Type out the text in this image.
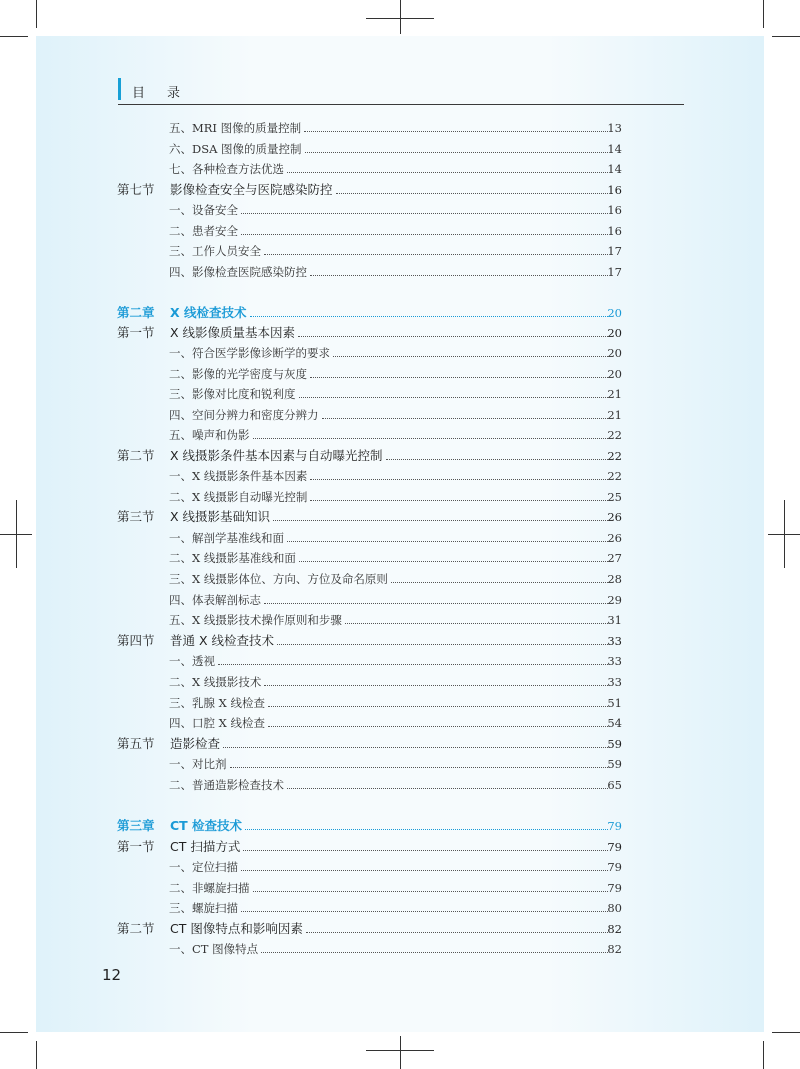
目录
五、MRI 图像的质量控制	13
六、DSA 图像的质量控制	14
七、各种检查方法优选	14
第七节 影像检查安全与医院感染防控	16
一、设备安全	16
二、患者安全	16
三、工作人员安全	17
四、影像检查医院感染防控	17
第二章 X 线检查技术	20
第一节 X 线影像质量基本因素	20
一、符合医学影像诊断学的要求	20
二、影像的光学密度与灰度	20
三、影像对比度和锐利度	21
四、空间分辨力和密度分辨力	21
五、噪声和伪影	22
第二节 X 线摄影条件基本因素与自动曝光控制	22
一、X 线摄影条件基本因素	22
二、X 线摄影自动曝光控制	25
第三节 X 线摄影基础知识	26
一、解剖学基准线和面	26
二、X 线摄影基准线和面	27
三、X 线摄影体位、方向、方位及命名原则	28
四、体表解剖标志	29
五、X 线摄影技术操作原则和步骤	31
第四节 普通 X 线检查技术	33
一、透视	33
二、X 线摄影技术	33
三、乳腺 X 线检查	51
四、口腔 X 线检查	54
第五节 造影检查	59
一、对比剂	59
二、普通造影检查技术	65
第三章 CT 检查技术	79
第一节 CT 扫描方式	79
一、定位扫描	79
二、非螺旋扫描	79
三、螺旋扫描	80
第二节 CT 图像特点和影响因素	82
一、CT 图像特点	82
12
